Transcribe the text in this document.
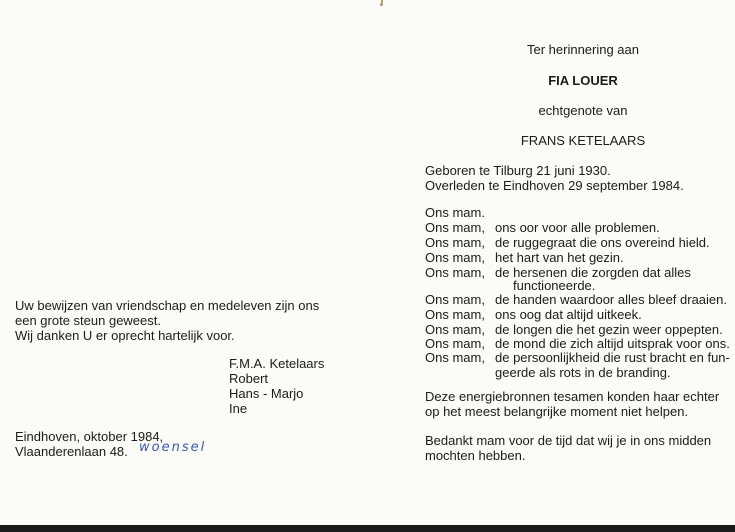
Ter herinnering aan
FIA LOUER
echtgenote van
FRANS KETELAARS
Geboren te Tilburg 21 juni 1930.
Overleden te Eindhoven 29 september 1984.
Ons mam.
Ons mam, ons oor voor alle problemen.
Ons mam, de ruggegraat die ons overeind hield.
Ons mam, het hart van het gezin.
Ons mam, de hersenen die zorgden dat alles
functioneerde.
Ons mam, de handen waardoor alles bleef draaien.
Ons mam, ons oog dat altijd uitkeek.
Ons mam, de longen die het gezin weer oppepten.
Ons mam, de mond die zich altijd uitsprak voor ons.
Ons mam, de persoonlijkheid die rust bracht en fun-
geerde als rots in de branding.
Deze energiebronnen tesamen konden haar echter
op het meest belangrijke moment niet helpen.
Bedankt mam voor de tijd dat wij je in ons midden
mochten hebben.
Uw bewijzen van vriendschap en medeleven zijn ons
een grote steun geweest.
Wij danken U er oprecht hartelijk voor.
F.M.A. Ketelaars
Robert
Hans - Marjo
Ine
Eindhoven, oktober 1984,
Vlaanderenlaan 48. woensel
